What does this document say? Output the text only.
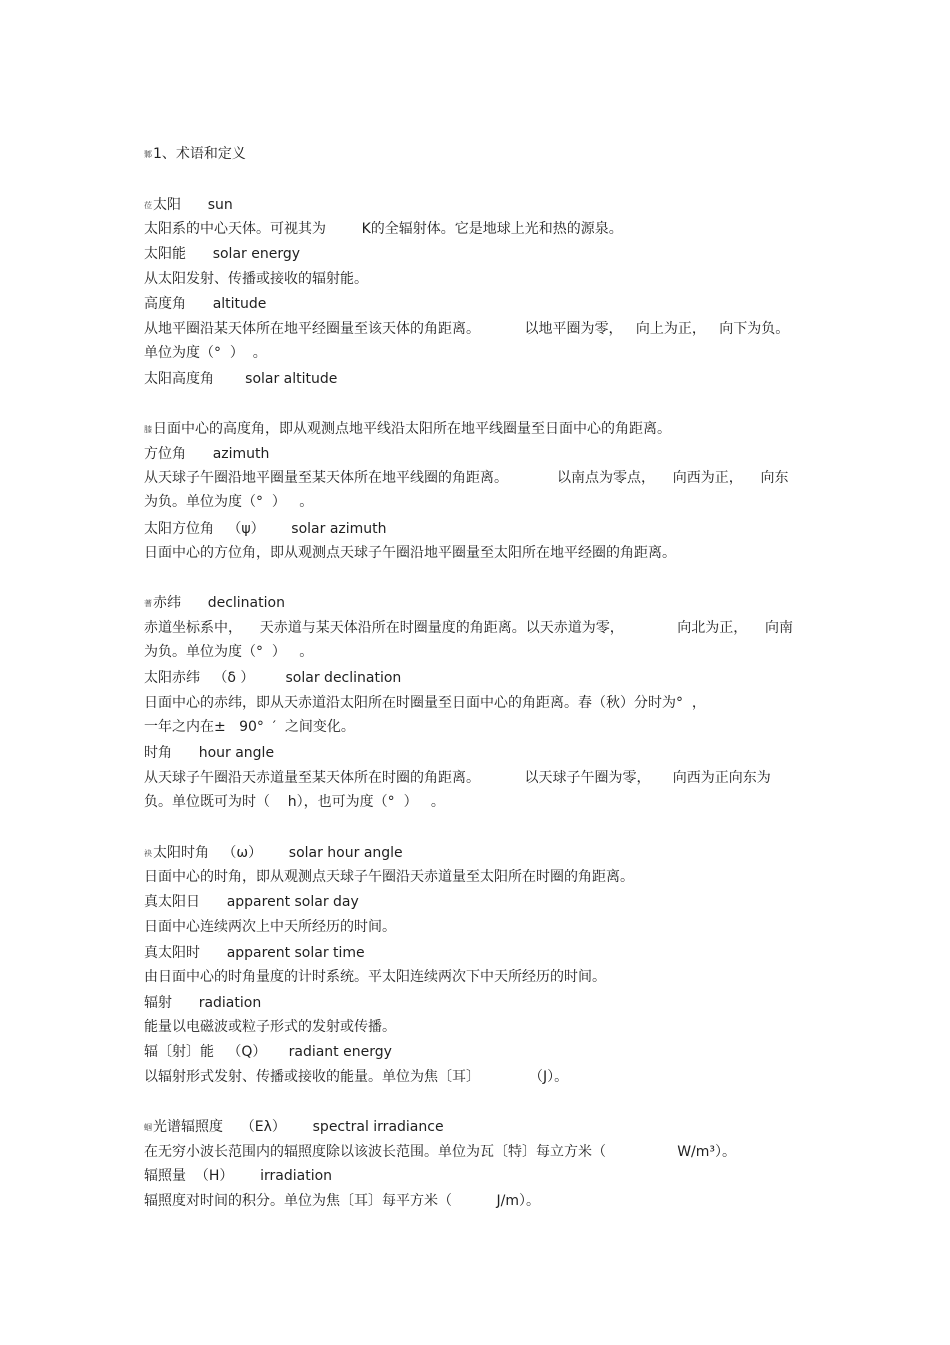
鄹1、术语和定义
莅太阳      sun
太阳系的中心天体。可视其为        K的全辐射体。它是地球上光和热的源泉。
太阳能      solar energy
从太阳发射、传播或接收的辐射能。
高度角      altitude
从地平圈沿某天体所在地平经圈量至该天体的角距离。          以地平圈为零，   向上为正，   向下为负。
单位为度（°  ）  。
太阳高度角       solar altitude
膝日面中心的高度角，即从观测点地平线沿太阳所在地平线圈量至日面中心的角距离。
方位角      azimuth
从天球子午圈沿地平圈量至某天体所在地平线圈的角距离。           以南点为零点，    向西为正，    向东
为负。单位为度（°  ）   。
太阳方位角   （ψ）      solar azimuth
日面中心的方位角，即从观测点天球子午圈沿地平圈量至太阳所在地平经圈的角距离。
蓍赤纬      declination
赤道坐标系中，    天赤道与某天体沿所在时圈量度的角距离。以天赤道为零，            向北为正，    向南
为负。单位为度（°  ）   。
太阳赤纬   （δ ）       solar declination
日面中心的赤纬，即从天赤道沿太阳所在时圈量至日面中心的角距离。春（秋）分时为°  ，
一年之内在±   90°  ′  之间变化。
时角      hour angle
从天球子午圈沿天赤道量至某天体所在时圈的角距离。          以天球子午圈为零，     向西为正向东为
负。单位既可为时（    h），也可为度（°  ）   。
袂太阳时角   （ω）      solar hour angle
日面中心的时角，即从观测点天球子午圈沿天赤道量至太阳所在时圈的角距离。
真太阳日      apparent solar day
日面中心连续两次上中天所经历的时间。
真太阳时      apparent solar time
由日面中心的时角量度的计时系统。平太阳连续两次下中天所经历的时间。
辐射      radiation
能量以电磁波或粒子形式的发射或传播。
辐〔射〕能   （Q）     radiant energy
以辐射形式发射、传播或接收的能量。单位为焦〔耳〕           （J）。
蝈光谱辐照度    （Eλ）      spectral irradiance
在无穷小波长范围内的辐照度除以该波长范围。单位为瓦〔特〕每立方米（                W/m³）。
辐照量  （H）      irradiation
辐照度对时间的积分。单位为焦〔耳〕每平方米（          J/m）。
